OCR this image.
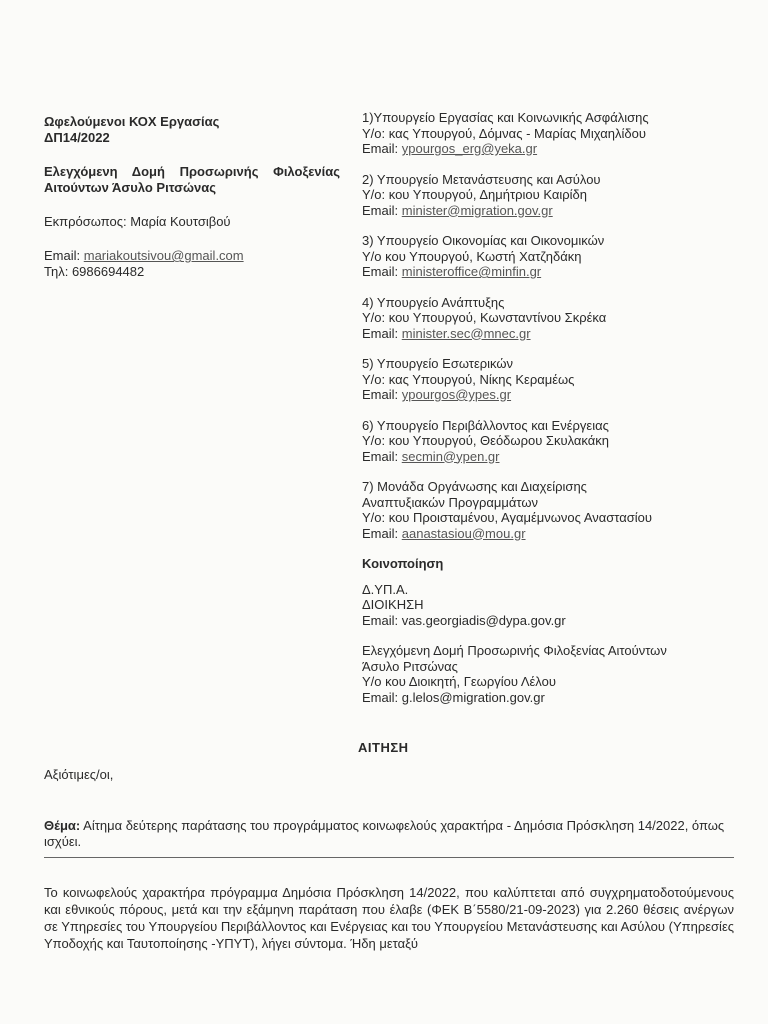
Ωφελούμενοι ΚΟΧ Εργασίας
ΔΠ14/2022
Ελεγχόμενη Δομή Προσωρινής Φιλοξενίας
Αιτούντων Άσυλο Ριτσώνας
Εκπρόσωπος: Μαρία Κουτσιβού
Email: mariakoutsivou@gmail.com
Τηλ: 6986694482
1)Υπουργείο Εργασίας και Κοινωνικής Ασφάλισης
Υ/ο: κας Υπουργού, Δόμνας - Μαρίας Μιχαηλίδου
Email: ypourgos_erg@yeka.gr
2) Υπουργείο Μετανάστευσης και Ασύλου
Υ/ο: κου Υπουργού, Δημήτριου Καιρίδη
Email: minister@migration.gov.gr
3) Υπουργείο Οικονομίας και Οικονομικών
Υ/ο κου Υπουργού, Κωστή Χατζηδάκη
Email: ministeroffice@minfin.gr
4) Υπουργείο Ανάπτυξης
Υ/ο: κου Υπουργού, Κωνσταντίνου Σκρέκα
Email: minister.sec@mnec.gr
5) Υπουργείο Εσωτερικών
Υ/ο: κας Υπουργού, Νίκης Κεραμέως
Email: ypourgos@ypes.gr
6) Υπουργείο Περιβάλλοντος και Ενέργειας
Υ/ο: κου Υπουργού, Θεόδωρου Σκυλακάκη
Email: secmin@ypen.gr
7) Μονάδα Οργάνωσης και Διαχείρισης
Αναπτυξιακών Προγραμμάτων
Υ/ο: κου Προισταμένου, Αγαμέμνωνος Αναστασίου
Email: aanastasiou@mou.gr
Κοινοποίηση
Δ.ΥΠ.Α.
ΔΙΟΙΚΗΣΗ
Email: vas.georgiadis@dypa.gov.gr
Ελεγχόμενη Δομή Προσωρινής Φιλοξενίας Αιτούντων
Άσυλο Ριτσώνας
Υ/ο κου Διοικητή, Γεωργίου Λέλου
Email: g.lelos@migration.gov.gr
ΑΙΤΗΣΗ
Αξιότιμες/οι,
Θέμα: Αίτημα δεύτερης παράτασης του προγράμματος κοινωφελούς χαρακτήρα - Δημόσια Πρόσκληση 14/2022, όπως ισχύει.
Το κοινωφελούς χαρακτήρα πρόγραμμα Δημόσια Πρόσκληση 14/2022, που καλύπτεται από συγχρηματοδοτούμενους και εθνικούς πόρους, μετά και την εξάμηνη παράταση που έλαβε (ΦΕΚ Β΄5580/21-09-2023) για 2.260 θέσεις ανέργων σε Υπηρεσίες του Υπουργείου Περιβάλλοντος και Ενέργειας και του Υπουργείου Μετανάστευσης και Ασύλου (Υπηρεσίες Υποδοχής και Ταυτοποίησης -ΥΠΥΤ), λήγει σύντομα. Ήδη μεταξύ
